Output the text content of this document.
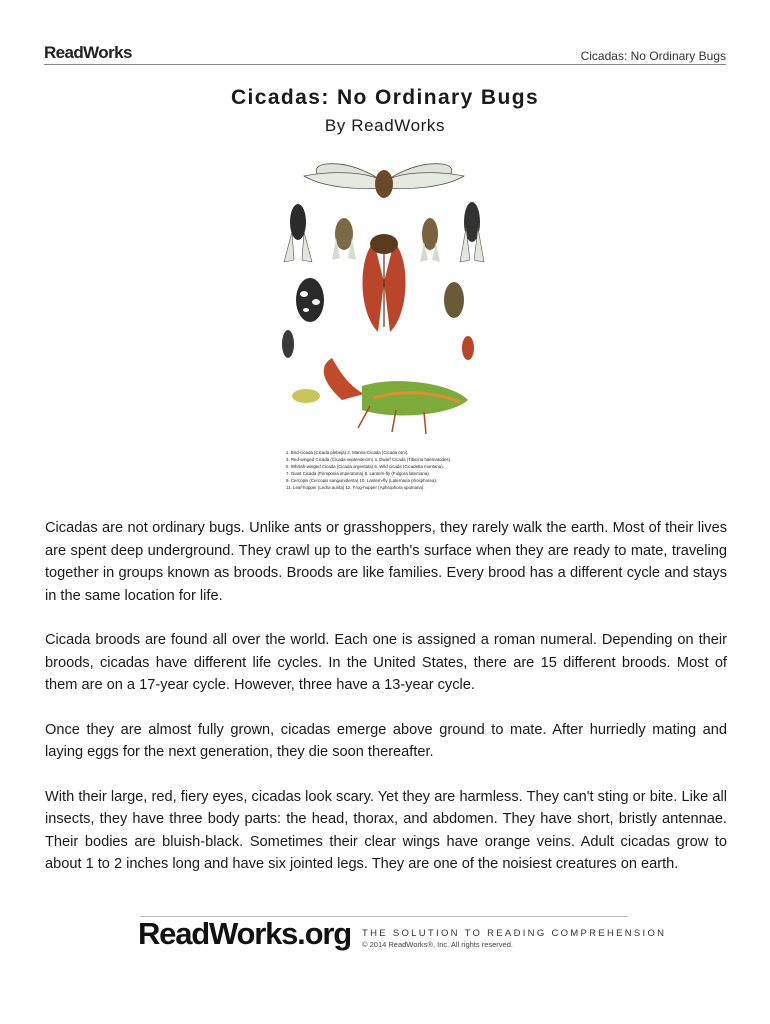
ReadWorks	Cicadas: No Ordinary Bugs
Cicadas: No Ordinary Bugs
By ReadWorks
1. Bird-cicada (Cicada plebeja) 2. Manna-Cicada (Cicada orni).
3. Red-winged Cicada (Cicada septendecim) 4. Dwarf Cicada (Tibicina haematodes).
5. Whitish-winged Cicada (Cicada argentata) 6. Wild cicada (Cicadetta montana).
7. Giant Cicada (Pomponia imperatoria) 8. Lantern-fly (Fulgora laternaria).
9. Cercopis (Cercopis sanguinolenta) 10. Lantern-fly (Laternaria phosphorea).
11. Leaf-hopper (Ledra aurita) 12. Frog-hopper (Aphrophora spumaria).

Cicadas are not ordinary bugs. Unlike ants or grasshoppers, they rarely walk the earth. Most of their lives are spent deep underground. They crawl up to the earth's surface when they are ready to mate, traveling together in groups known as broods. Broods are like families. Every brood has a different cycle and stays in the same location for life.

Cicada broods are found all over the world. Each one is assigned a roman numeral. Depending on their broods, cicadas have different life cycles. In the United States, there are 15 different broods. Most of them are on a 17-year cycle. However, three have a 13-year cycle.

Once they are almost fully grown, cicadas emerge above ground to mate. After hurriedly mating and laying eggs for the next generation, they die soon thereafter.

With their large, red, fiery eyes, cicadas look scary. Yet they are harmless. They can't sting or bite. Like all insects, they have three body parts: the head, thorax, and abdomen. They have short, bristly antennae. Their bodies are bluish-black. Sometimes their clear wings have orange veins. Adult cicadas grow to about 1 to 2 inches long and have six jointed legs. They are one of the noisiest creatures on earth.

ReadWorks.org THE SOLUTION TO READING COMPREHENSION
© 2014 ReadWorks®, Inc. All rights reserved.
